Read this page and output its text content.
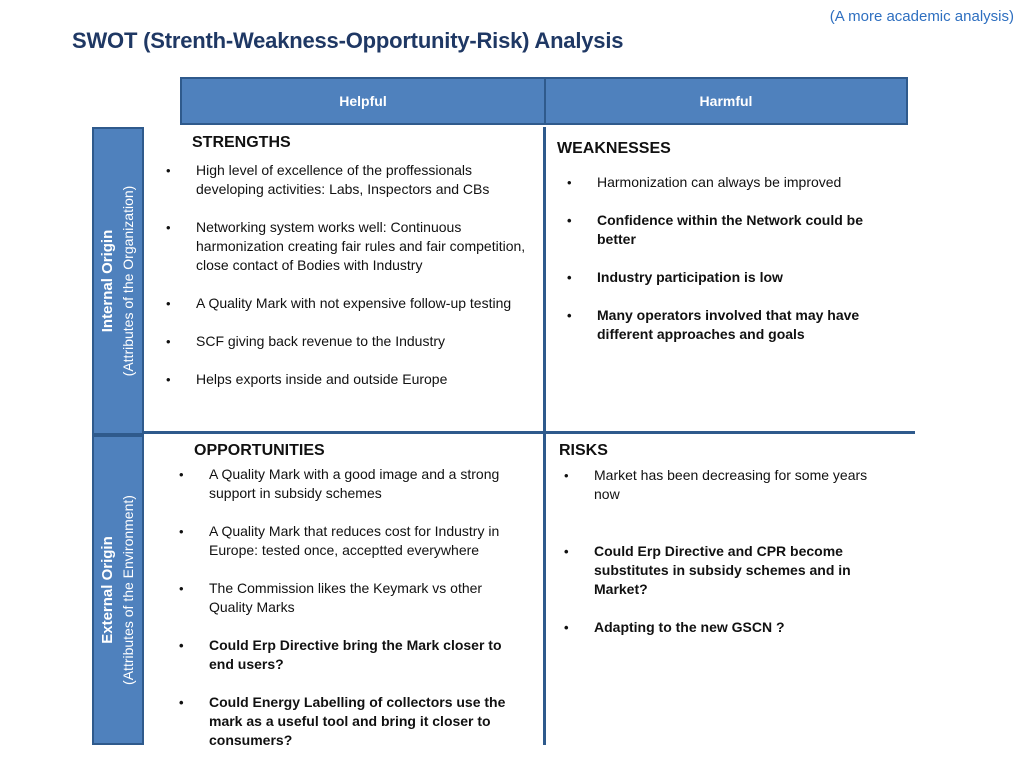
(A more academic analysis)
SWOT (Strenth-Weakness-Opportunity-Risk) Analysis
Helpful	Harmful
Internal Origin (Attributes of the Organization)
External Origin (Attributes of the Environment)
STRENGTHS
• High level of excellence of the proffessionals developing activities: Labs, Inspectors and CBs
• Networking system works well: Continuous harmonization creating fair rules and fair competition, close contact of Bodies with Industry
• A Quality Mark with not expensive follow-up testing
• SCF giving back revenue to the Industry
• Helps exports inside and outside Europe
WEAKNESSES
• Harmonization can always be improved
• Confidence within the Network could be better
• Industry participation is low
• Many operators involved that may have different approaches and goals
OPPORTUNITIES
• A Quality Mark with a good image and a strong support in subsidy schemes
• A Quality Mark that reduces cost for Industry in Europe: tested once, acceptted everywhere
• The Commission likes the Keymark vs other Quality Marks
• Could Erp Directive bring the Mark closer to end users?
• Could Energy Labelling of collectors use the mark as a useful tool and bring it closer to consumers?
RISKS
• Market has been decreasing for some years now
• Could Erp Directive and CPR become substitutes in subsidy schemes and in Market?
• Adapting to the new GSCN ?
